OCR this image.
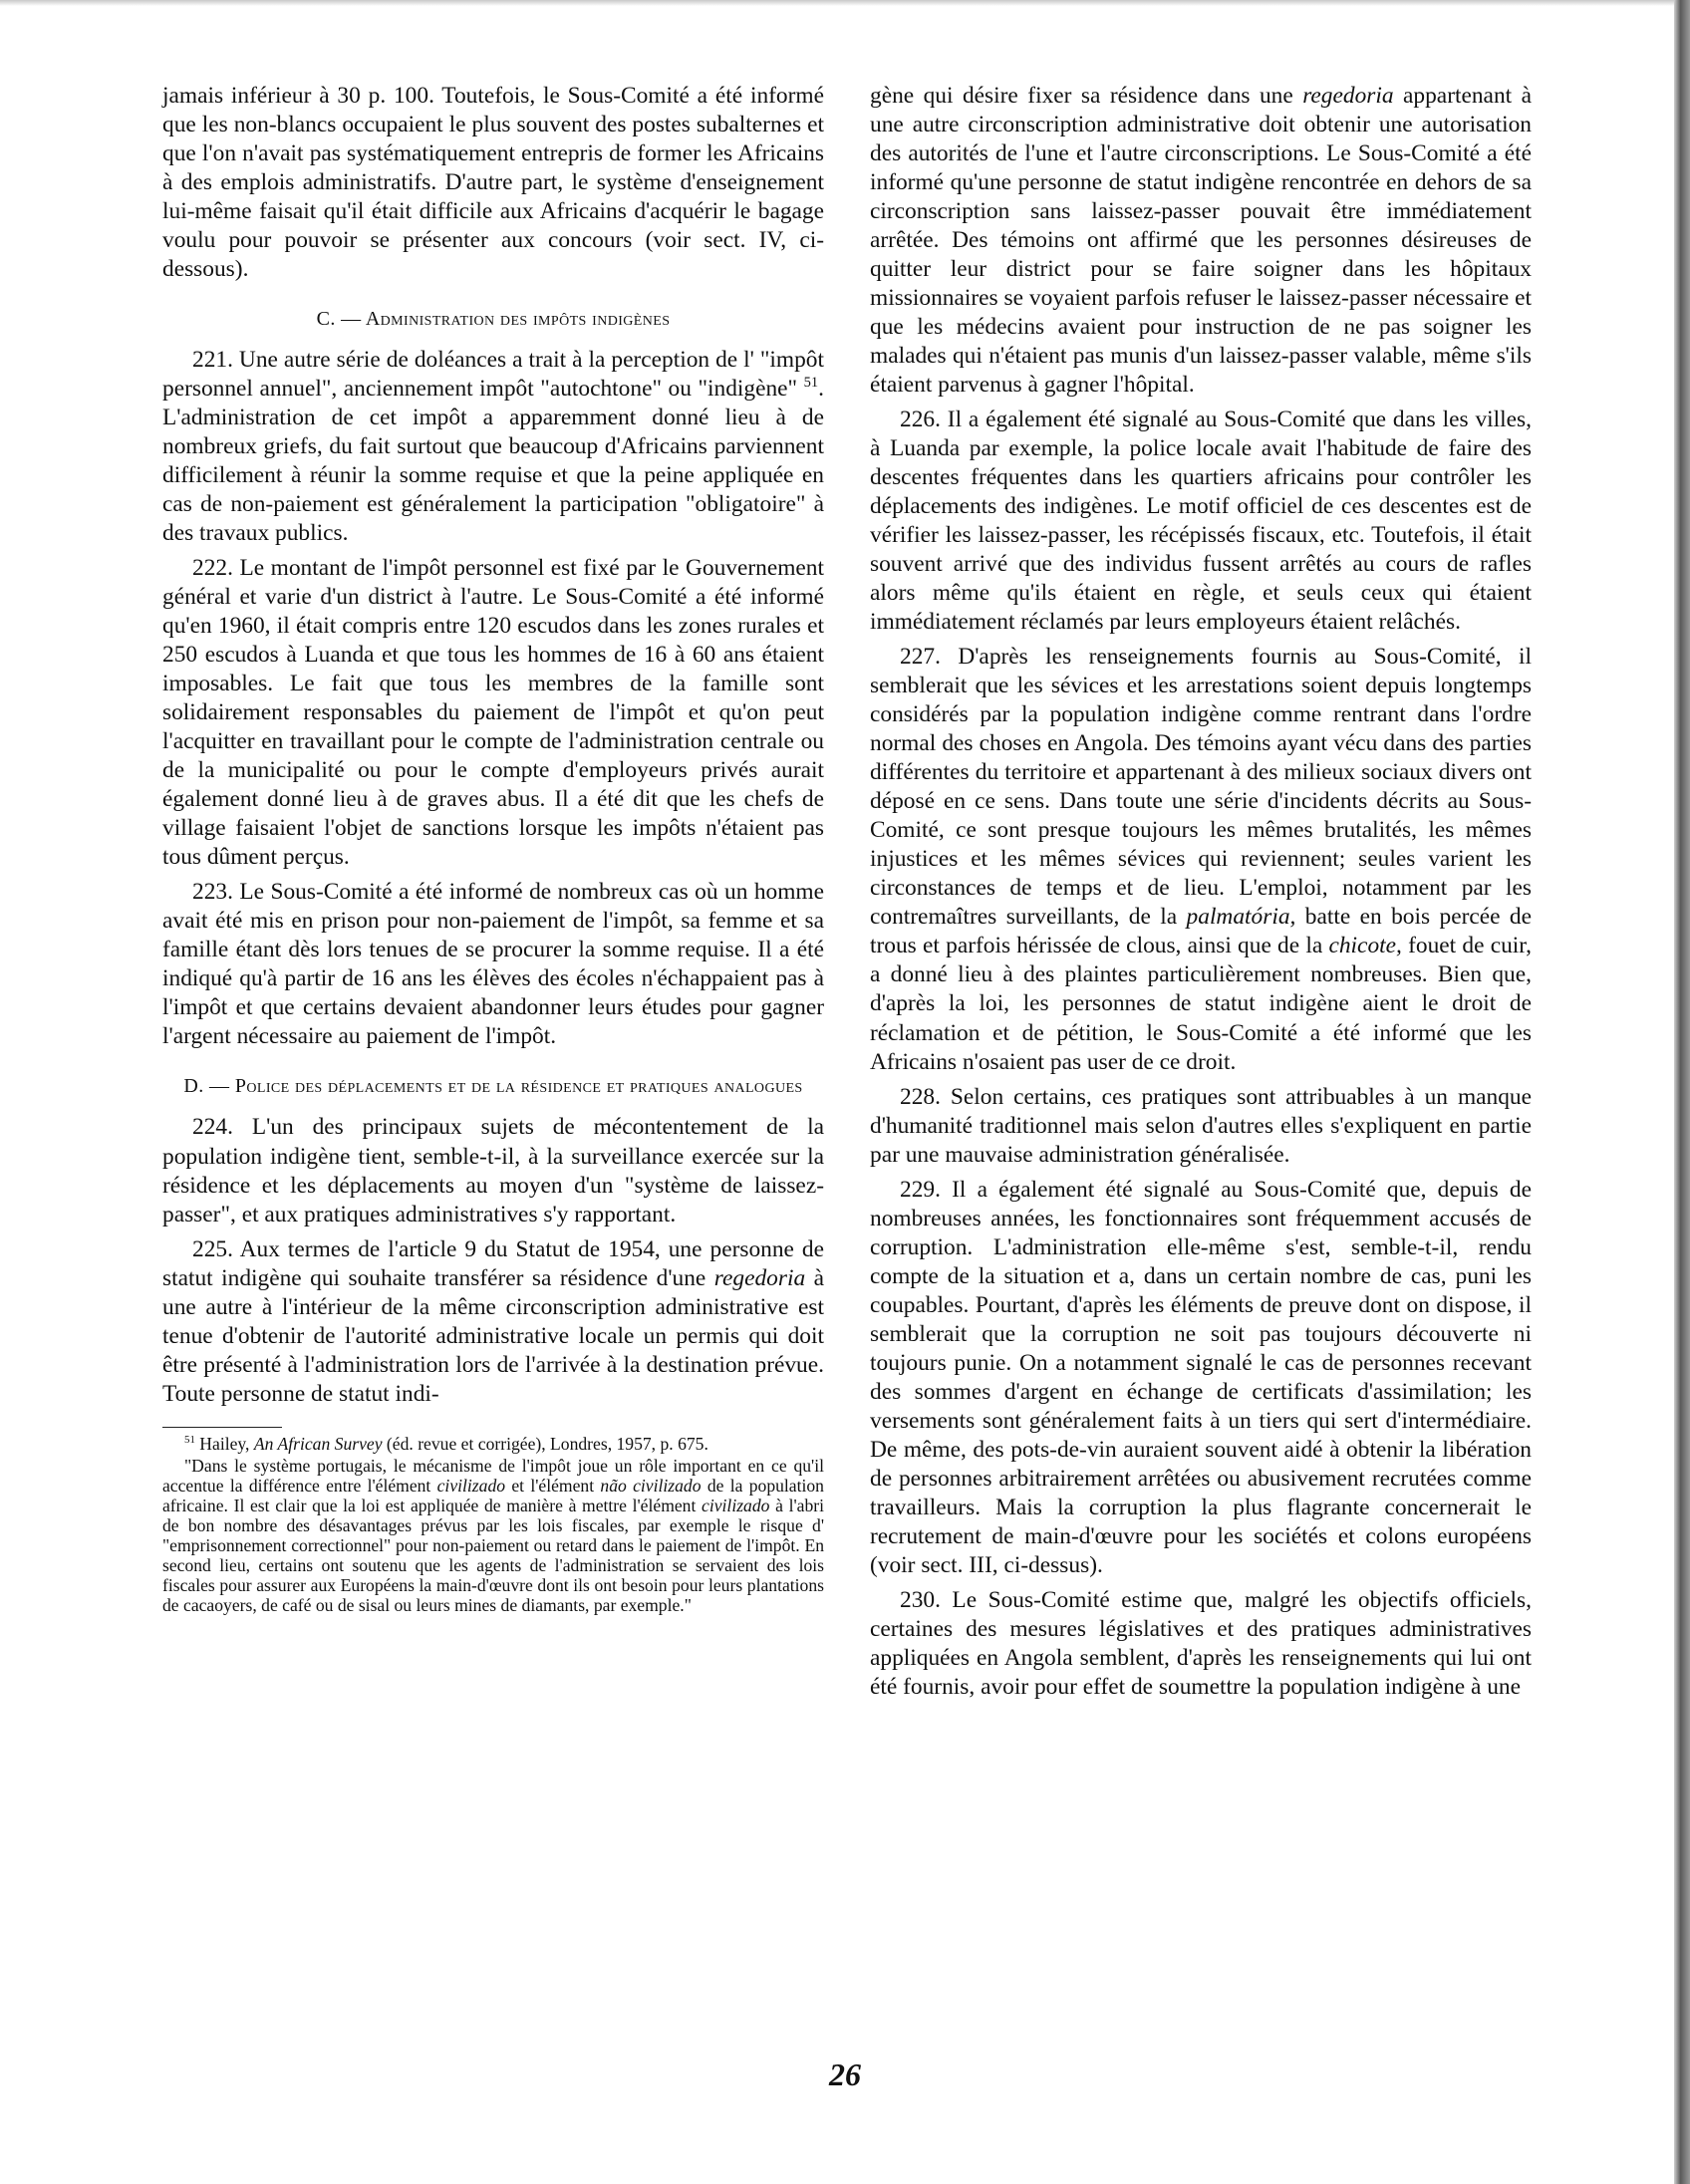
jamais inférieur à 30 p. 100. Toutefois, le Sous-Comité a été informé que les non-blancs occupaient le plus souvent des postes subalternes et que l'on n'avait pas systématiquement entrepris de former les Africains à des emplois administratifs. D'autre part, le système d'enseignement lui-même faisait qu'il était difficile aux Africains d'acquérir le bagage voulu pour pouvoir se présenter aux concours (voir sect. IV, ci-dessous).

C. — Administration des impôts indigènes

221. Une autre série de doléances a trait à la perception de l' "impôt personnel annuel", anciennement impôt "autochtone" ou "indigène" $^{51}$. L'administration de cet impôt a apparemment donné lieu à de nombreux griefs, du fait surtout que beaucoup d'Africains parviennent difficilement à réunir la somme requise et que la peine appliquée en cas de non-paiement est généralement la participation "obligatoire" à des travaux publics.

222. Le montant de l'impôt personnel est fixé par le Gouvernement général et varie d'un district à l'autre. Le Sous-Comité a été informé qu'en 1960, il était compris entre 120 escudos dans les zones rurales et 250 escudos à Luanda et que tous les hommes de 16 à 60 ans étaient imposables. Le fait que tous les membres de la famille sont solidairement responsables du paiement de l'impôt et qu'on peut l'acquitter en travaillant pour le compte de l'administration centrale ou de la municipalité ou pour le compte d'employeurs privés aurait également donné lieu à de graves abus. Il a été dit que les chefs de village faisaient l'objet de sanctions lorsque les impôts n'étaient pas tous dûment perçus.

223. Le Sous-Comité a été informé de nombreux cas où un homme avait été mis en prison pour non-paiement de l'impôt, sa femme et sa famille étant dès lors tenues de se procurer la somme requise. Il a été indiqué qu'à partir de 16 ans les élèves des écoles n'échappaient pas à l'impôt et que certains devaient abandonner leurs études pour gagner l'argent nécessaire au paiement de l'impôt.

D. — Police des déplacements et de la résidence et pratiques analogues

224. L'un des principaux sujets de mécontentement de la population indigène tient, semble-t-il, à la surveillance exercée sur la résidence et les déplacements au moyen d'un "système de laissez-passer", et aux pratiques administratives s'y rapportant.

225. Aux termes de l'article 9 du Statut de 1954, une personne de statut indigène qui souhaite transférer sa résidence d'une regedoria à une autre à l'intérieur de la même circonscription administrative est tenue d'obtenir de l'autorité administrative locale un permis qui doit être présenté à l'administration lors de l'arrivée à la destination prévue. Toute personne de statut indi-

$^{51}$ Hailey, An African Survey (éd. revue et corrigée), Londres, 1957, p. 675.

"Dans le système portugais, le mécanisme de l'impôt joue un rôle important en ce qu'il accentue la différence entre l'élément civilizado et l'élément não civilizado de la population africaine. Il est clair que la loi est appliquée de manière à mettre l'élément civilizado à l'abri de bon nombre des désavantages prévus par les lois fiscales, par exemple le risque d' "emprisonnement correctionnel" pour non-paiement ou retard dans le paiement de l'impôt. En second lieu, certains ont soutenu que les agents de l'administration se servaient des lois fiscales pour assurer aux Européens la main-d'œuvre dont ils ont besoin pour leurs plantations de cacaoyers, de café ou de sisal ou leurs mines de diamants, par exemple."

gène qui désire fixer sa résidence dans une regedoria appartenant à une autre circonscription administrative doit obtenir une autorisation des autorités de l'une et l'autre circonscriptions. Le Sous-Comité a été informé qu'une personne de statut indigène rencontrée en dehors de sa circonscription sans laissez-passer pouvait être immédiatement arrêtée. Des témoins ont affirmé que les personnes désireuses de quitter leur district pour se faire soigner dans les hôpitaux missionnaires se voyaient parfois refuser le laissez-passer nécessaire et que les médecins avaient pour instruction de ne pas soigner les malades qui n'étaient pas munis d'un laissez-passer valable, même s'ils étaient parvenus à gagner l'hôpital.

226. Il a également été signalé au Sous-Comité que dans les villes, à Luanda par exemple, la police locale avait l'habitude de faire des descentes fréquentes dans les quartiers africains pour contrôler les déplacements des indigènes. Le motif officiel de ces descentes est de vérifier les laissez-passer, les récépissés fiscaux, etc. Toutefois, il était souvent arrivé que des individus fussent arrêtés au cours de rafles alors même qu'ils étaient en règle, et seuls ceux qui étaient immédiatement réclamés par leurs employeurs étaient relâchés.

227. D'après les renseignements fournis au Sous-Comité, il semblerait que les sévices et les arrestations soient depuis longtemps considérés par la population indigène comme rentrant dans l'ordre normal des choses en Angola. Des témoins ayant vécu dans des parties différentes du territoire et appartenant à des milieux sociaux divers ont déposé en ce sens. Dans toute une série d'incidents décrits au Sous-Comité, ce sont presque toujours les mêmes brutalités, les mêmes injustices et les mêmes sévices qui reviennent; seules varient les circonstances de temps et de lieu. L'emploi, notamment par les contremaîtres surveillants, de la palmatória, batte en bois percée de trous et parfois hérissée de clous, ainsi que de la chicote, fouet de cuir, a donné lieu à des plaintes particulièrement nombreuses. Bien que, d'après la loi, les personnes de statut indigène aient le droit de réclamation et de pétition, le Sous-Comité a été informé que les Africains n'osaient pas user de ce droit.

228. Selon certains, ces pratiques sont attribuables à un manque d'humanité traditionnel mais selon d'autres elles s'expliquent en partie par une mauvaise administration généralisée.

229. Il a également été signalé au Sous-Comité que, depuis de nombreuses années, les fonctionnaires sont fréquemment accusés de corruption. L'administration elle-même s'est, semble-t-il, rendu compte de la situation et a, dans un certain nombre de cas, puni les coupables. Pourtant, d'après les éléments de preuve dont on dispose, il semblerait que la corruption ne soit pas toujours découverte ni toujours punie. On a notamment signalé le cas de personnes recevant des sommes d'argent en échange de certificats d'assimilation; les versements sont généralement faits à un tiers qui sert d'intermédiaire. De même, des pots-de-vin auraient souvent aidé à obtenir la libération de personnes arbitrairement arrêtées ou abusivement recrutées comme travailleurs. Mais la corruption la plus flagrante concernerait le recrutement de main-d'œuvre pour les sociétés et colons européens (voir sect. III, ci-dessus).

230. Le Sous-Comité estime que, malgré les objectifs officiels, certaines des mesures législatives et des pratiques administratives appliquées en Angola semblent, d'après les renseignements qui lui ont été fournis, avoir pour effet de soumettre la population indigène à une

26
